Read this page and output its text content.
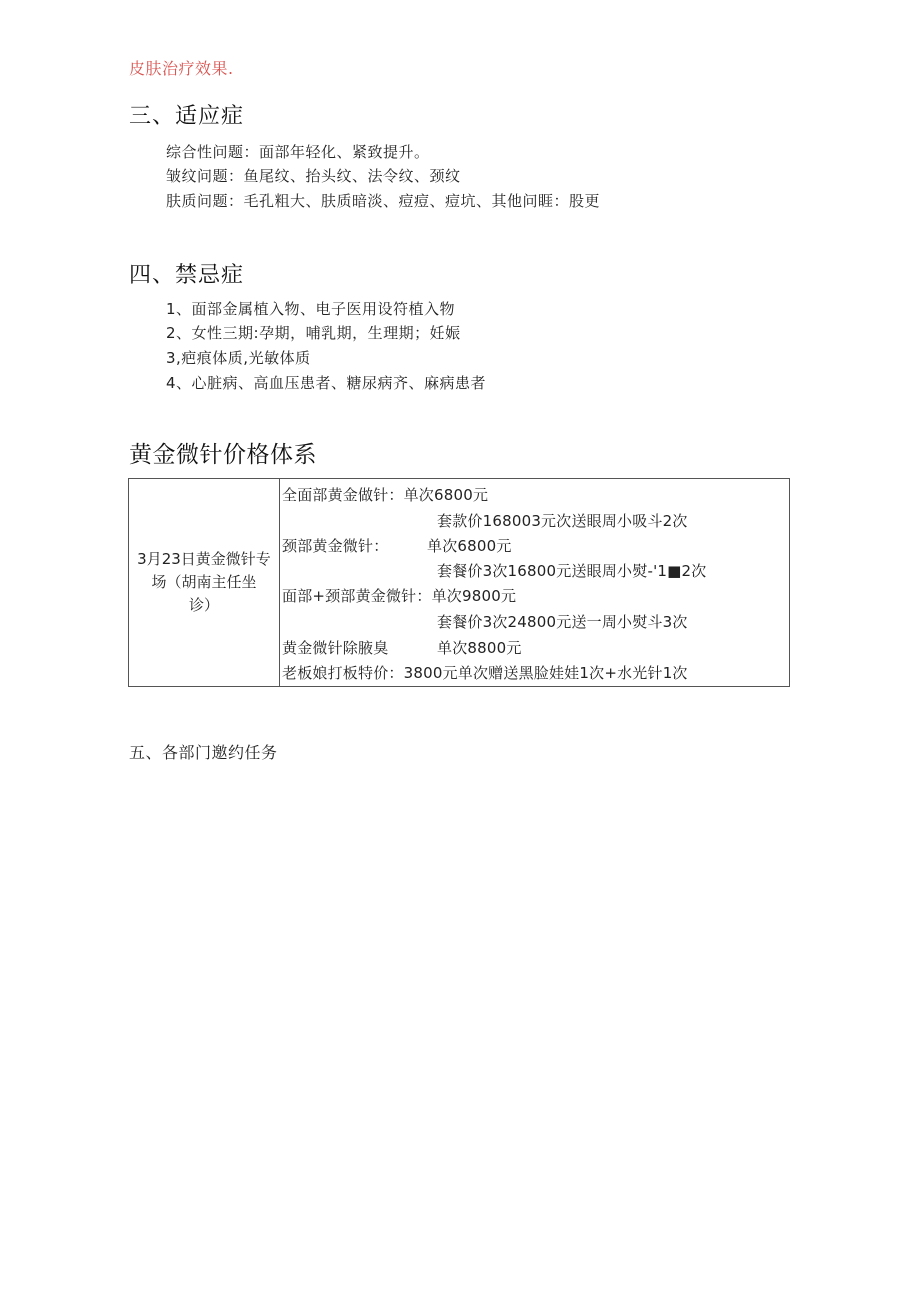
皮肤治疗效果.
三、适应症
综合性问题：面部年轻化、紧致提升。
皱纹问题：鱼尾纹、抬头纹、法令纹、颈纹
肤质问题：毛孔粗大、肤质暗淡、痘痘、痘坑、其他问睚：股更
四、禁忌症
1、面部金属植入物、电子医用设符植入物
2、女性三期:孕期，哺乳期，生理期；妊娠
3,疤痕体质,光敏体质
4、心脏病、高血压患者、糖尿病齐、麻病患者
黄金微针价格体系
3月23日黄金微针专
场（胡南主任坐
诊）
全面部黄金做针：单次6800元
套款价168003元次送眼周小吸斗2次
颈部黄金微针：	单次6800元
套餐价3次16800元送眼周小熨-'1■2次
面部+颈部黄金微针：单次9800元
套餐价3次24800元送一周小熨斗3次
黄金微针除腋臭	单次8800元
老板娘打板特价：3800元单次赠送黑脸娃娃1次+水光针1次
五、各部门邀约任务
